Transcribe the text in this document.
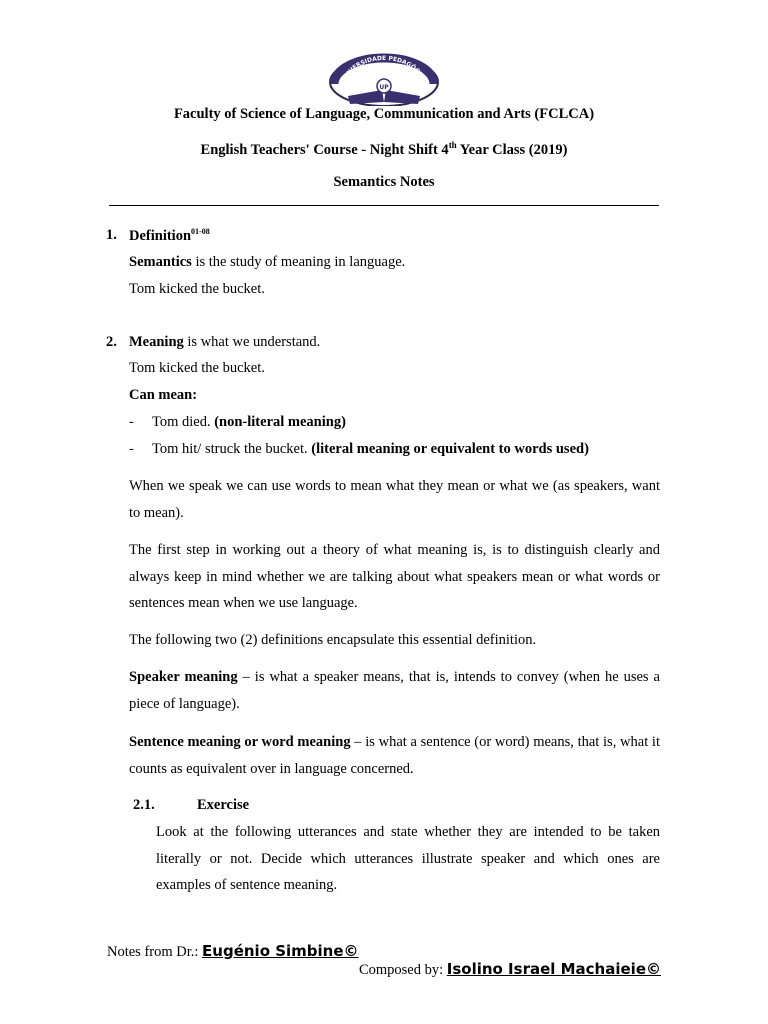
UNIVERSIDADE PEDAGÓGICA
UP
Faculty of Science of Language, Communication and Arts (FCLCA)
English Teachers' Course - Night Shift 4th Year Class (2019)
Semantics Notes
1. Definition$^{01-08}$
Semantics is the study of meaning in language.
Tom kicked the bucket.
2. Meaning is what we understand.
Tom kicked the bucket.
Can mean:
- Tom died. (non-literal meaning)
- Tom hit/ struck the bucket. (literal meaning or equivalent to words used)
When we speak we can use words to mean what they mean or what we (as speakers, want to mean).
The first step in working out a theory of what meaning is, is to distinguish clearly and always keep in mind whether we are talking about what speakers mean or what words or sentences mean when we use language.
The following two (2) definitions encapsulate this essential definition.
Speaker meaning – is what a speaker means, that is, intends to convey (when he uses a piece of language).
Sentence meaning or word meaning – is what a sentence (or word) means, that is, what it counts as equivalent over in language concerned.
2.1.	Exercise
Look at the following utterances and state whether they are intended to be taken literally or not. Decide which utterances illustrate speaker and which ones are examples of sentence meaning.
Notes from Dr.: Eugénio Simbine©
Composed by: Isolino Israel Machaieie©
